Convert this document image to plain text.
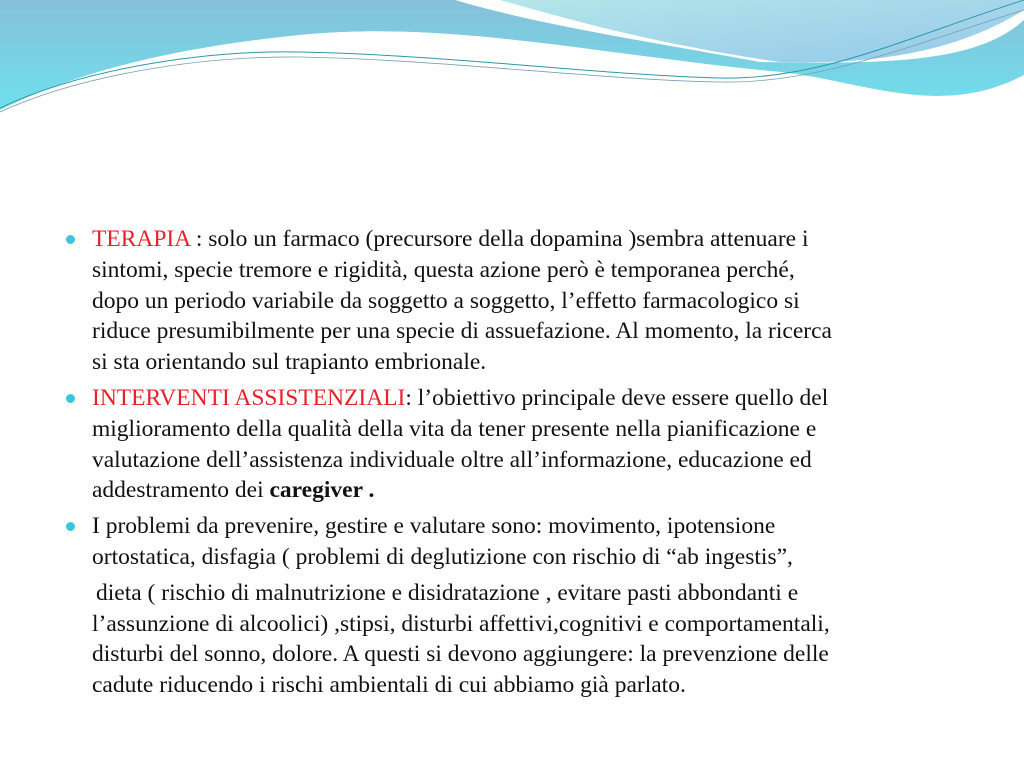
TERAPIA : solo un farmaco (precursore della dopamina )sembra attenuare i
sintomi, specie tremore e rigidità, questa azione però è temporanea perché,
dopo un periodo variabile da soggetto a soggetto, l’effetto farmacologico si
riduce presumibilmente per una specie di assuefazione. Al momento, la ricerca
si sta orientando sul trapianto embrionale.
INTERVENTI ASSISTENZIALI: l’obiettivo principale deve essere quello del
miglioramento della qualità della vita da tener presente nella pianificazione e
valutazione dell’assistenza individuale oltre all’informazione, educazione ed
addestramento dei caregiver .
I problemi da prevenire, gestire e valutare sono: movimento, ipotensione
ortostatica, disfagia ( problemi di deglutizione con rischio di “ab ingestis”,
dieta ( rischio di malnutrizione e disidratazione , evitare pasti abbondanti e
l’assunzione di alcoolici) ,stipsi, disturbi affettivi,cognitivi e comportamentali,
disturbi del sonno, dolore. A questi si devono aggiungere: la prevenzione delle
cadute riducendo i rischi ambientali di cui abbiamo già parlato.
